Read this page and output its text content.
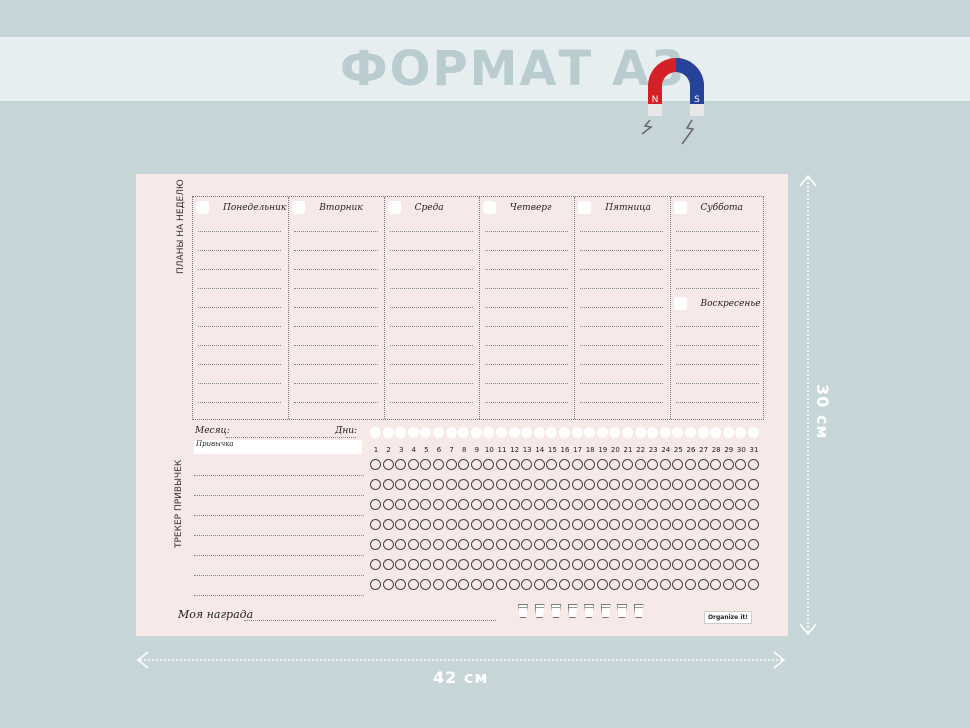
ФОРМАТ А3
N	S
ПЛАНЫ НА НЕДЕЛЮ	Понедельник	Вторник	Среда	Четверг	Пятница	Суббота
Воскресенье
Месяц:	Дни:
Привычка
ТРЕКЕР ПРИВЫЧЕК
Моя награда	Organize it!
1	2	3	4	5	6	7	8	9 10 11 12 13 14 15 16 17 18 19 20 21 22 23 24 25 26 27 28 29 30 31
30 см
42 см
